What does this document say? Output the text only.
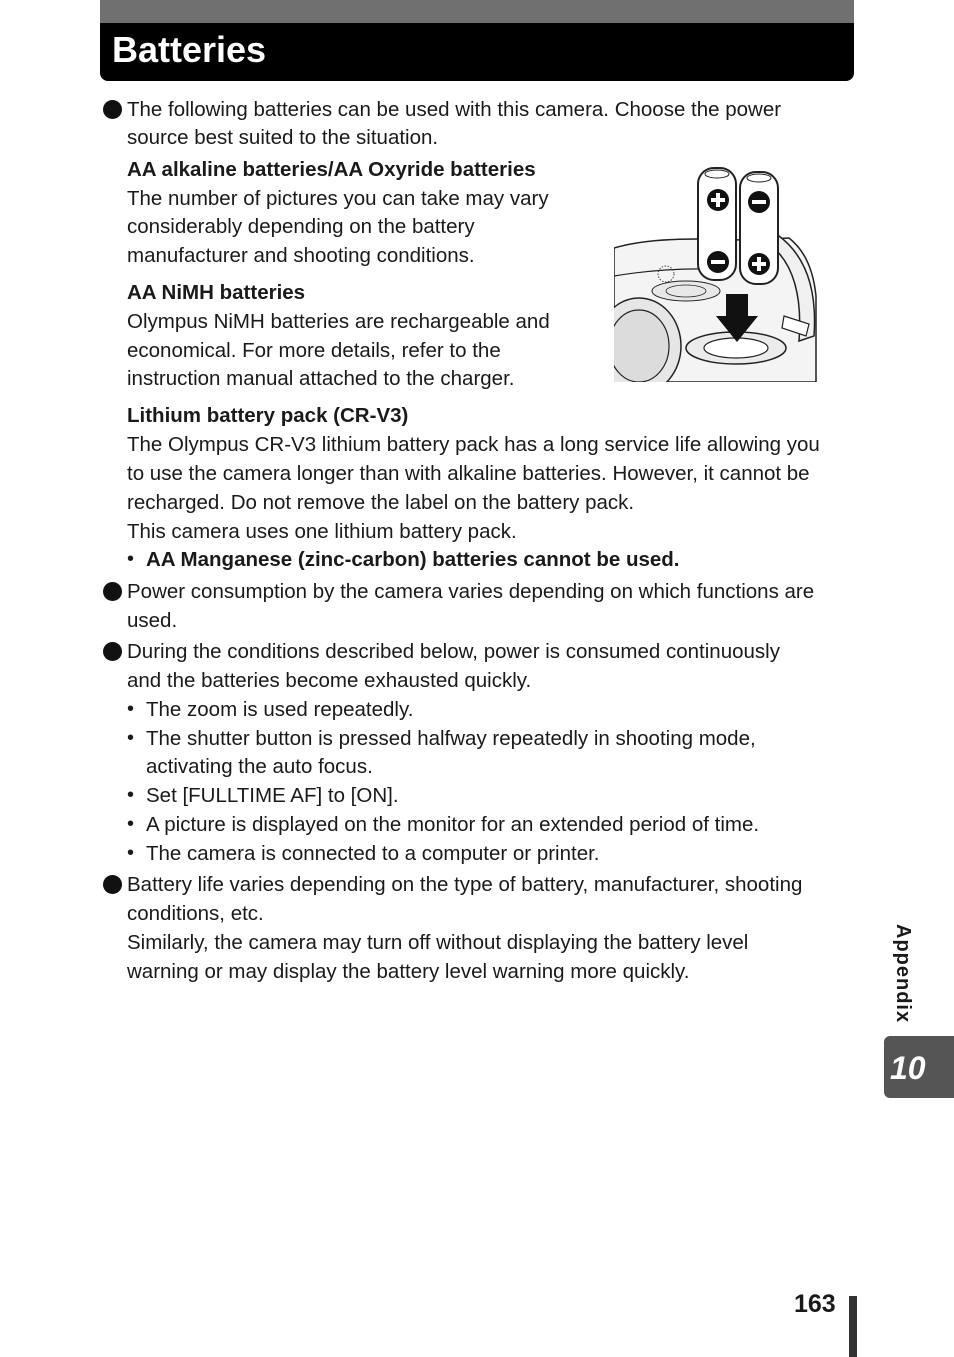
Batteries
The following batteries can be used with this camera. Choose the power
source best suited to the situation.
AA alkaline batteries/AA Oxyride batteries
The number of pictures you can take may vary
considerably depending on the battery
manufacturer and shooting conditions.
AA NiMH batteries
Olympus NiMH batteries are rechargeable and
economical. For more details, refer to the
instruction manual attached to the charger.
Lithium battery pack (CR-V3)
The Olympus CR-V3 lithium battery pack has a long service life allowing you
to use the camera longer than with alkaline batteries. However, it cannot be
recharged. Do not remove the label on the battery pack.
This camera uses one lithium battery pack.
• AA Manganese (zinc-carbon) batteries cannot be used.
Power consumption by the camera varies depending on which functions are
used.
During the conditions described below, power is consumed continuously
and the batteries become exhausted quickly.
• The zoom is used repeatedly.
• The shutter button is pressed halfway repeatedly in shooting mode,
activating the auto focus.
• Set [FULLTIME AF] to [ON].
• A picture is displayed on the monitor for an extended period of time.
• The camera is connected to a computer or printer.
Battery life varies depending on the type of battery, manufacturer, shooting
conditions, etc.
Similarly, the camera may turn off without displaying the battery level
warning or may display the battery level warning more quickly.	Appendix
10
163
